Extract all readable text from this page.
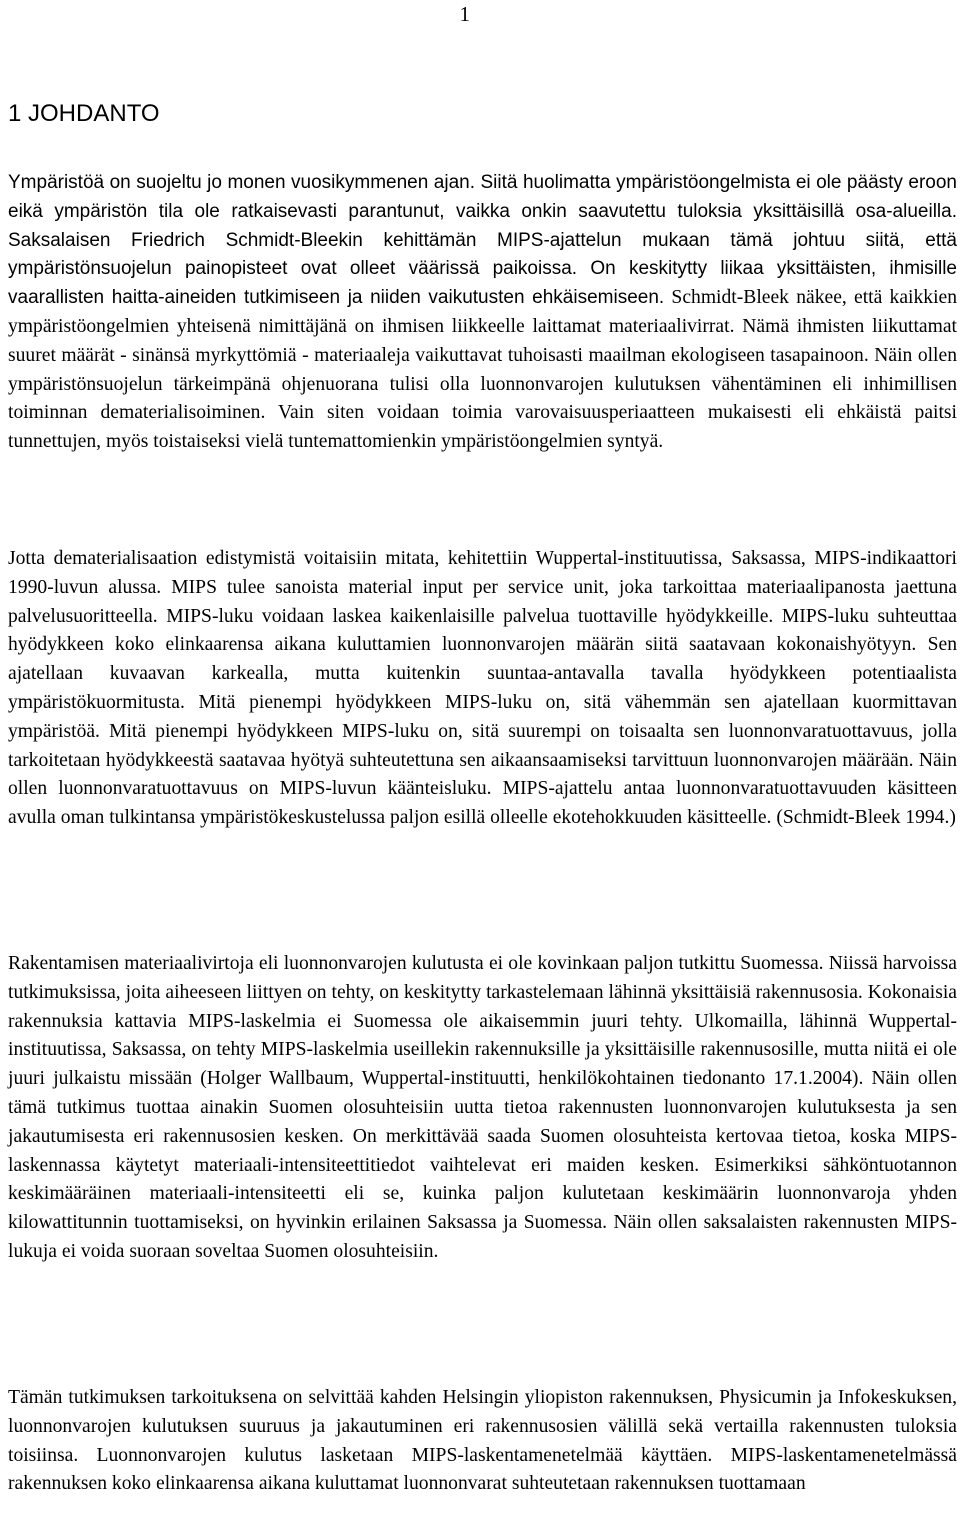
1
1 JOHDANTO

Ympäristöä on suojeltu jo monen vuosikymmenen ajan. Siitä huolimatta ympäristöongelmista ei ole päästy eroon eikä ympäristön tila ole ratkaisevasti parantunut, vaikka onkin saavutettu tuloksia yksittäisillä osa-alueilla. Saksalaisen Friedrich Schmidt-Bleekin kehittämän MIPS-ajattelun mukaan tämä johtuu siitä, että ympäristönsuojelun painopisteet ovat olleet väärissä paikoissa. On keskitytty liikaa yksittäisten, ihmisille vaarallisten haitta-aineiden tutkimiseen ja niiden vaikutusten ehkäisemiseen. Schmidt-Bleek näkee, että kaikkien ympäristöongelmien yhteisenä nimittäjänä on ihmisen liikkeelle laittamat materiaalivirrat. Nämä ihmisten liikuttamat suuret määrät - sinänsä myrkyttömiä - materiaaleja vaikuttavat tuhoisasti maailman ekologiseen tasapainoon. Näin ollen ympäristönsuojelun tärkeimpänä ohjenuorana tulisi olla luonnonvarojen kulutuksen vähentäminen eli inhimillisen toiminnan dematerialisoiminen. Vain siten voidaan toimia varovaisuusperiaatteen mukaisesti eli ehkäistä paitsi tunnettujen, myös toistaiseksi vielä tuntemattomienkin ympäristöongelmien syntyä.

Jotta dematerialisaation edistymistä voitaisiin mitata, kehitettiin Wuppertal-instituutissa, Saksassa, MIPS-indikaattori 1990-luvun alussa. MIPS tulee sanoista material input per service unit, joka tarkoittaa materiaalipanosta jaettuna palvelusuoritteella. MIPS-luku voidaan laskea kaikenlaisille palvelua tuottaville hyödykkeille. MIPS-luku suhteuttaa hyödykkeen koko elinkaarensa aikana kuluttamien luonnonvarojen määrän siitä saatavaan kokonaishyötyyn. Sen ajatellaan kuvaavan karkealla, mutta kuitenkin suuntaa-antavalla tavalla hyödykkeen potentiaalista ympäristökuormitusta. Mitä pienempi hyödykkeen MIPS-luku on, sitä vähemmän sen ajatellaan kuormittavan ympäristöä. Mitä pienempi hyödykkeen MIPS-luku on, sitä suurempi on toisaalta sen luonnonvaratuottavuus, jolla tarkoitetaan hyödykkeestä saatavaa hyötyä suhteutettuna sen aikaansaamiseksi tarvittuun luonnonvarojen määrään. Näin ollen luonnonvaratuottavuus on MIPS-luvun käänteisluku. MIPS-ajattelu antaa luonnonvaratuottavuuden käsitteen avulla oman tulkintansa ympäristökeskustelussa paljon esillä olleelle ekotehokkuuden käsitteelle. (Schmidt-Bleek 1994.)

Rakentamisen materiaalivirtoja eli luonnonvarojen kulutusta ei ole kovinkaan paljon tutkittu Suomessa. Niissä harvoissa tutkimuksissa, joita aiheeseen liittyen on tehty, on keskitytty tarkastelemaan lähinnä yksittäisiä rakennusosia. Kokonaisia rakennuksia kattavia MIPS-laskelmia ei Suomessa ole aikaisemmin juuri tehty. Ulkomailla, lähinnä Wuppertal-instituutissa, Saksassa, on tehty MIPS-laskelmia useillekin rakennuksille ja yksittäisille rakennusosille, mutta niitä ei ole juuri julkaistu missään (Holger Wallbaum, Wuppertal-instituutti, henkilökohtainen tiedonanto 17.1.2004). Näin ollen tämä tutkimus tuottaa ainakin Suomen olosuhteisiin uutta tietoa rakennusten luonnonvarojen kulutuksesta ja sen jakautumisesta eri rakennusosien kesken. On merkittävää saada Suomen olosuhteista kertovaa tietoa, koska MIPS-laskennassa käytetyt materiaali-intensiteettitiedot vaihtelevat eri maiden kesken. Esimerkiksi sähköntuotannon keskimääräinen materiaali-intensiteetti eli se, kuinka paljon kulutetaan keskimäärin luonnonvaroja yhden kilowattitunnin tuottamiseksi, on hyvinkin erilainen Saksassa ja Suomessa. Näin ollen saksalaisten rakennusten MIPS-lukuja ei voida suoraan soveltaa Suomen olosuhteisiin.

Tämän tutkimuksen tarkoituksena on selvittää kahden Helsingin yliopiston rakennuksen, Physicumin ja Infokeskuksen, luonnonvarojen kulutuksen suuruus ja jakautuminen eri rakennusosien välillä sekä vertailla rakennusten tuloksia toisiinsa. Luonnonvarojen kulutus lasketaan MIPS-laskentamenetelmää käyttäen. MIPS-laskentamenetelmässä rakennuksen koko elinkaarensa aikana kuluttamat luonnonvarat suhteutetaan rakennuksen tuottamaan
